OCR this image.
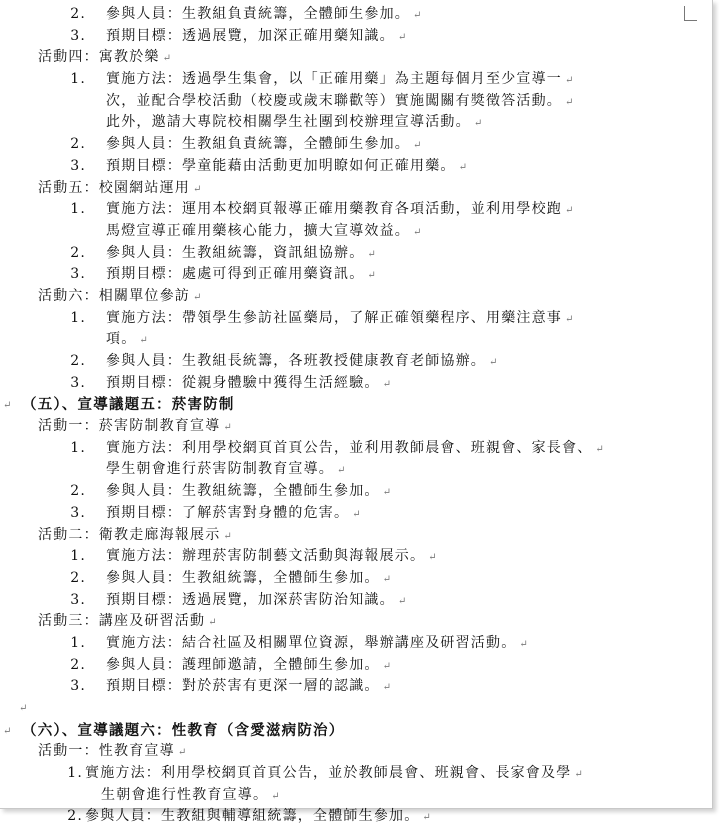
2. 參與人員：生教組負責統籌，全體師生參加。 ↵
3. 預期目標：透過展覽，加深正確用藥知識。 ↵
活動四：寓教於樂 ↵
1. 實施方法：透過學生集會，以「正確用藥」為主題每個月至少宣導一 ↵
次，並配合學校活動（校慶或歲末聯歡等）實施闖關有獎徵答活動。 ↵
此外，邀請大專院校相關學生社團到校辦理宣導活動。 ↵
2. 參與人員：生教組負責統籌，全體師生參加。 ↵
3. 預期目標：學童能藉由活動更加明瞭如何正確用藥。 ↵
活動五：校園網站運用 ↵
1. 實施方法：運用本校網頁報導正確用藥教育各項活動，並利用學校跑 ↵
馬燈宣導正確用藥核心能力，擴大宣導效益。 ↵
2. 參與人員：生教組統籌，資訊組協辦。 ↵
3. 預期目標：處處可得到正確用藥資訊。 ↵
活動六：相關單位參訪 ↵
1. 實施方法：帶領學生參訪社區藥局，了解正確領藥程序、用藥注意事 ↵
項。 ↵
2. 參與人員：生教組長統籌，各班教授健康教育老師協辦。 ↵
3. 預期目標：從親身體驗中獲得生活經驗。 ↵
（五）、宣導議題五：菸害防制
↵
活動一：菸害防制教育宣導 ↵
1. 實施方法：利用學校網頁首頁公告，並利用教師晨會、班親會、家長會、 ↵
學生朝會進行菸害防制教育宣導。 ↵
2. 參與人員：生教組統籌，全體師生參加。 ↵
3. 預期目標：了解菸害對身體的危害。 ↵
活動二：衛教走廊海報展示 ↵
1. 實施方法：辦理菸害防制藝文活動與海報展示。 ↵
2. 參與人員：生教組統籌，全體師生參加。 ↵
3. 預期目標：透過展覽，加深菸害防治知識。 ↵
活動三：講座及研習活動 ↵
1. 實施方法：結合社區及相關單位資源，舉辦講座及研習活動。 ↵
2. 參與人員：護理師邀請，全體師生參加。 ↵
3. 預期目標：對於菸害有更深一層的認識。 ↵
↵
（六）、宣導議題六：性教育（含愛滋病防治）
↵
活動一：性教育宣導 ↵
1. 實施方法：利用學校網頁首頁公告，並於教師晨會、班親會、長家會及學 ↵
生朝會進行性教育宣導。 ↵
2. 參與人員：生教組與輔導組統籌，全體師生參加。 ↵
